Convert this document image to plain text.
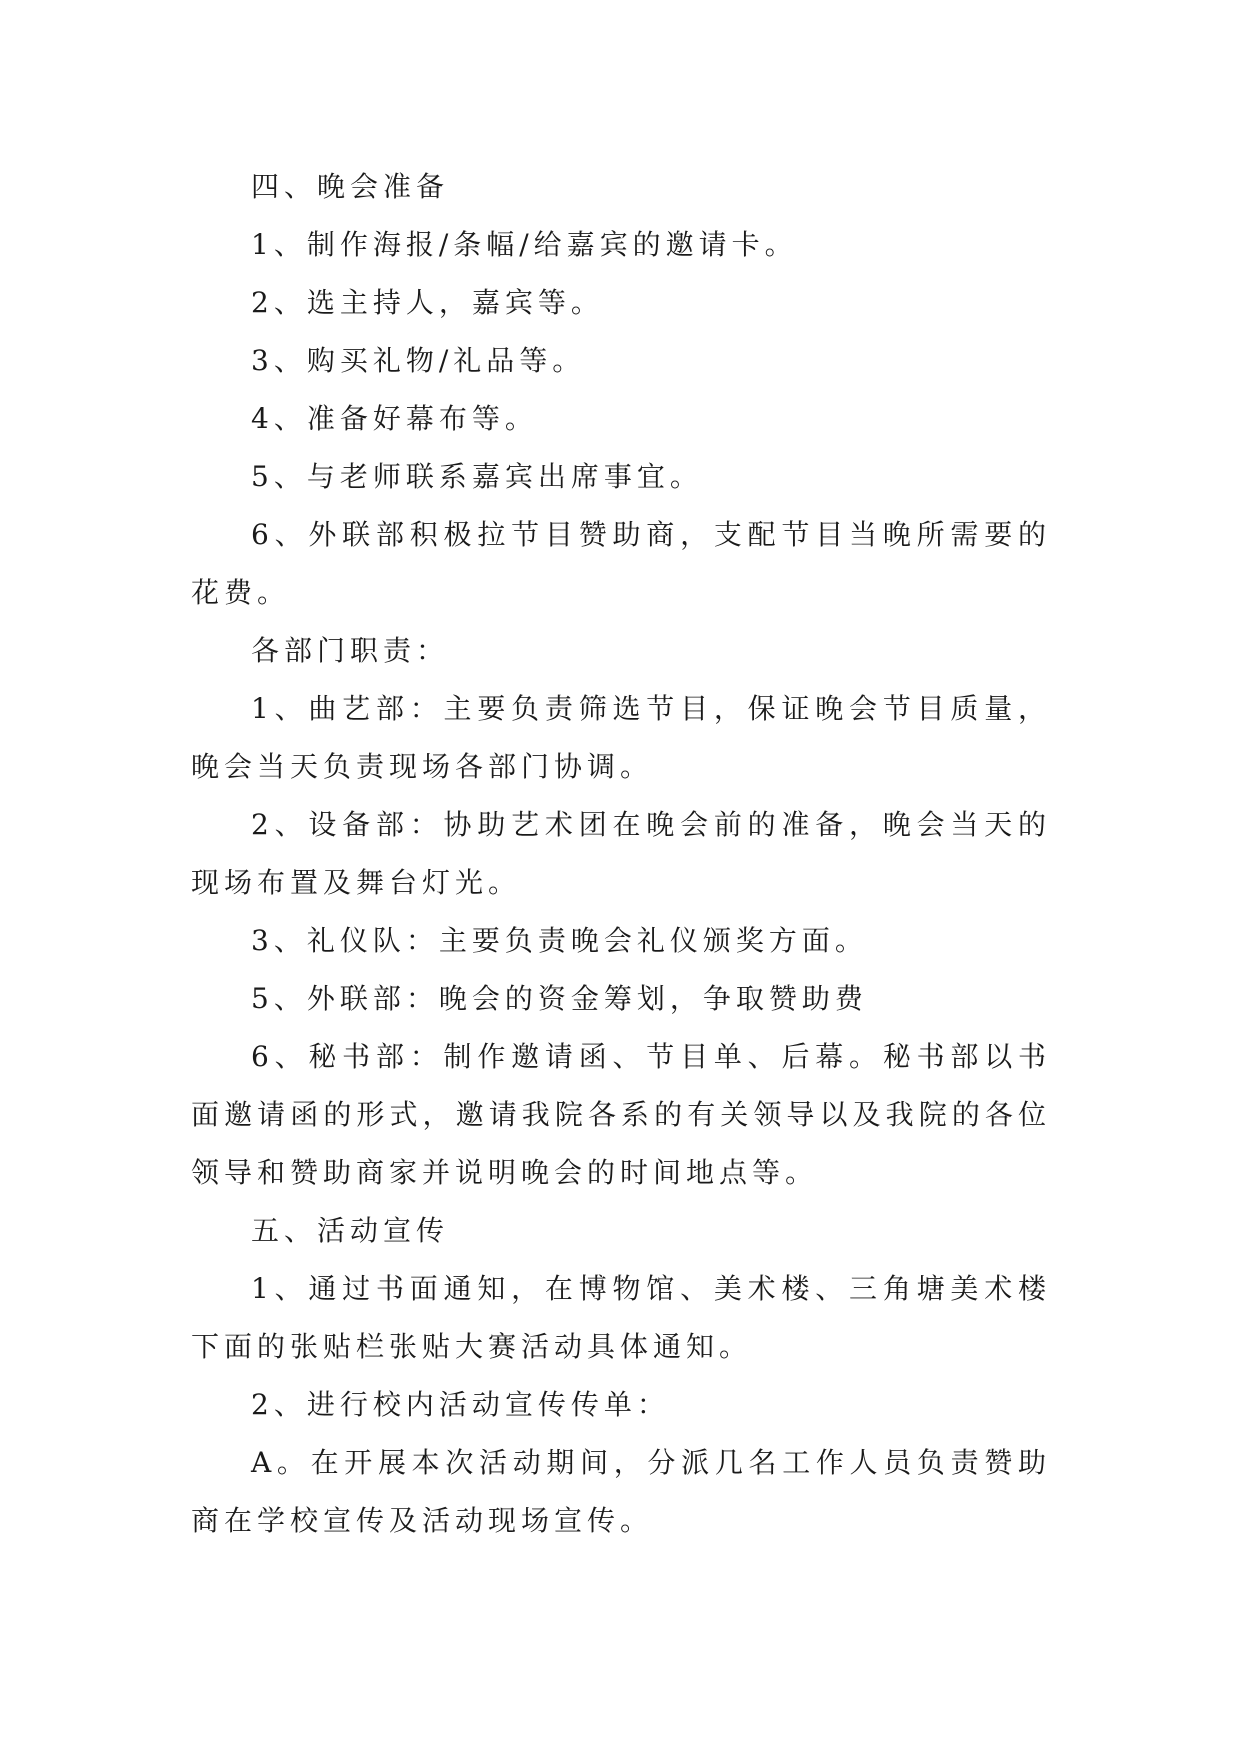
四、晚会准备

1、制作海报/条幅/给嘉宾的邀请卡。

2、选主持人，嘉宾等。

3、购买礼物/礼品等。

4、准备好幕布等。

5、与老师联系嘉宾出席事宜。

6、外联部积极拉节目赞助商，支配节目当晚所需要的花费。

各部门职责：

1、曲艺部：主要负责筛选节目，保证晚会节目质量，晚会当天负责现场各部门协调。

2、设备部：协助艺术团在晚会前的准备，晚会当天的现场布置及舞台灯光。

3、礼仪队：主要负责晚会礼仪颁奖方面。

5、外联部：晚会的资金筹划，争取赞助费

6、秘书部：制作邀请函、节目单、后幕。秘书部以书面邀请函的形式，邀请我院各系的有关领导以及我院的各位领导和赞助商家并说明晚会的时间地点等。

五、活动宣传

1、通过书面通知，在博物馆、美术楼、三角塘美术楼下面的张贴栏张贴大赛活动具体通知。

2、进行校内活动宣传传单：

A。在开展本次活动期间，分派几名工作人员负责赞助商在学校宣传及活动现场宣传。
